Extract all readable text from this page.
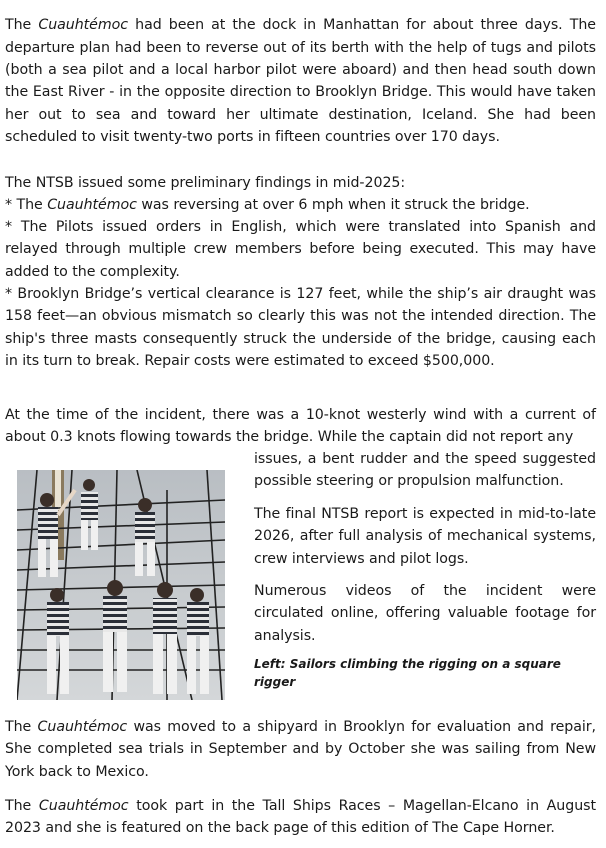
The Cuauhtémoc had been at the dock in Manhattan for about three days. The departure plan had been to reverse out of its berth with the help of tugs and pilots (both a sea pilot and a local harbor pilot were aboard) and then head south down the East River - in the opposite direction to Brooklyn Bridge. This would have taken her out to sea and toward her ultimate destination, Iceland. She had been scheduled to visit twenty-two ports in fifteen countries over 170 days.

The NTSB issued some preliminary findings in mid-2025:

* The Cuauhtémoc was reversing at over 6 mph when it struck the bridge.

* The Pilots issued orders in English, which were translated into Spanish and relayed through multiple crew members before being executed. This may have added to the complexity.

* Brooklyn Bridge’s vertical clearance is 127 feet, while the ship’s air draught was 158 feet—an obvious mismatch so clearly this was not the intended direction. The ship's three masts consequently struck the underside of the bridge, causing each in its turn to break. Repair costs were estimated to exceed $500,000.

At the time of the incident, there was a 10-knot westerly wind with a current of about 0.3 knots flowing towards the bridge. While the captain did not report any

issues, a bent rudder and the speed suggested possible steering or propulsion malfunction.

The final NTSB report is expected in mid-to-late 2026, after full analysis of mechanical systems, crew interviews and pilot logs.

Numerous videos of the incident were circulated online, offering valuable footage for analysis.

Left: Sailors climbing the rigging on a square rigger

The Cuauhtémoc was moved to a shipyard in Brooklyn for evaluation and repair, She completed sea trials in September and by October she was sailing from New York back to Mexico.

The Cuauhtémoc took part in the Tall Ships Races – Magellan-Elcano in August 2023 and she is featured on the back page of this edition of The Cape Horner.
